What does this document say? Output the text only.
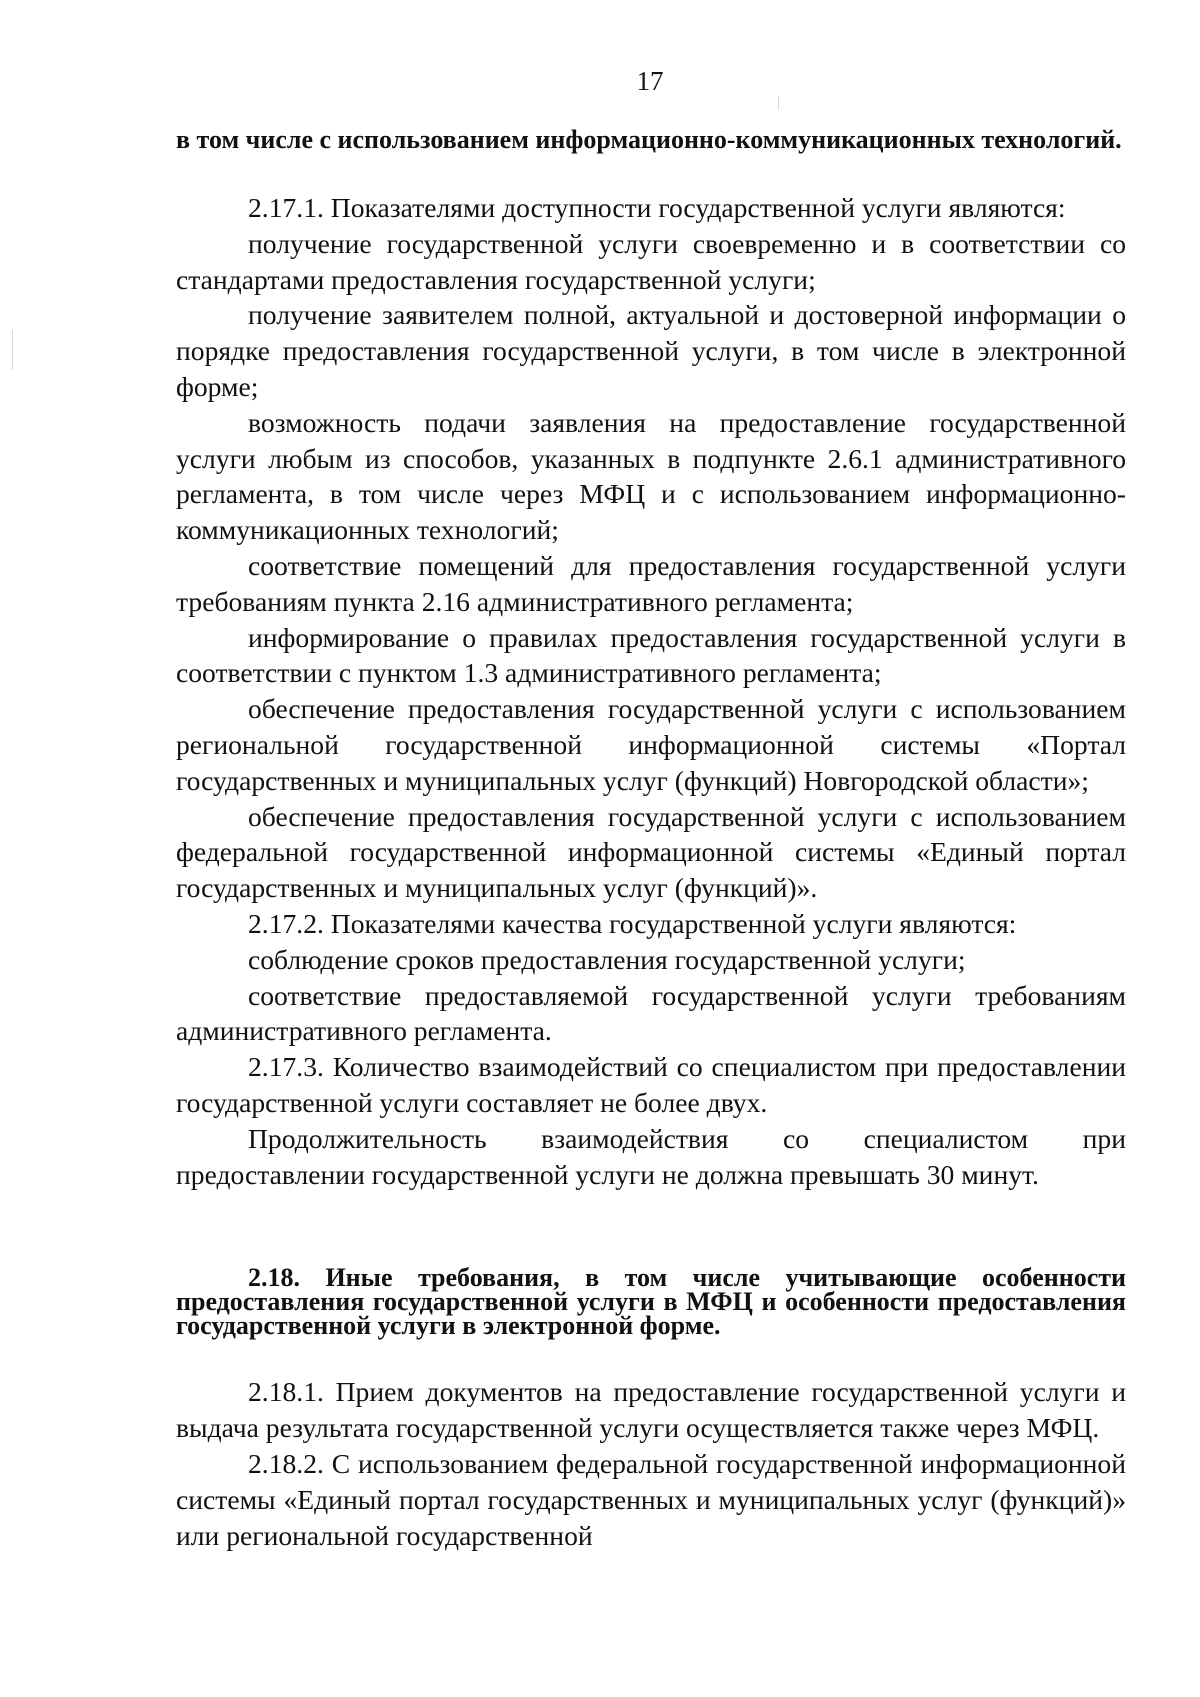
17

в том числе с использованием информационно-коммуникационных технологий.

2.17.1. Показателями доступности государственной услуги являются:

получение государственной услуги своевременно и в соответствии со стандартами предоставления государственной услуги;

получение заявителем полной, актуальной и достоверной информации о порядке предоставления государственной услуги, в том числе в электронной форме;

возможность подачи заявления на предоставление государственной услуги любым из способов, указанных в подпункте 2.6.1 административного регламента, в том числе через МФЦ и с использованием информационно-коммуникационных технологий;

соответствие помещений для предоставления государственной услуги требованиям пункта 2.16 административного регламента;

информирование о правилах предоставления государственной услуги в соответствии с пунктом 1.3 административного регламента;

обеспечение предоставления государственной услуги с использованием региональной государственной информационной системы «Портал государственных и муниципальных услуг (функций) Новгородской области»;

обеспечение предоставления государственной услуги с использованием федеральной государственной информационной системы «Единый портал государственных и муниципальных услуг (функций)».

2.17.2. Показателями качества государственной услуги являются:

соблюдение сроков предоставления государственной услуги;

соответствие предоставляемой государственной услуги требованиям административного регламента.

2.17.3. Количество взаимодействий со специалистом при предоставлении государственной услуги составляет не более двух.

Продолжительность взаимодействия со специалистом при предоставлении государственной услуги не должна превышать 30 минут.

2.18. Иные требования, в том числе учитывающие особенности предоставления государственной услуги в МФЦ и особенности предоставления государственной услуги в электронной форме.

2.18.1. Прием документов на предоставление государственной услуги и выдача результата государственной услуги осуществляется также через МФЦ.

2.18.2. С использованием федеральной государственной информационной системы «Единый портал государственных и муниципальных услуг (функций)» или региональной государственной
